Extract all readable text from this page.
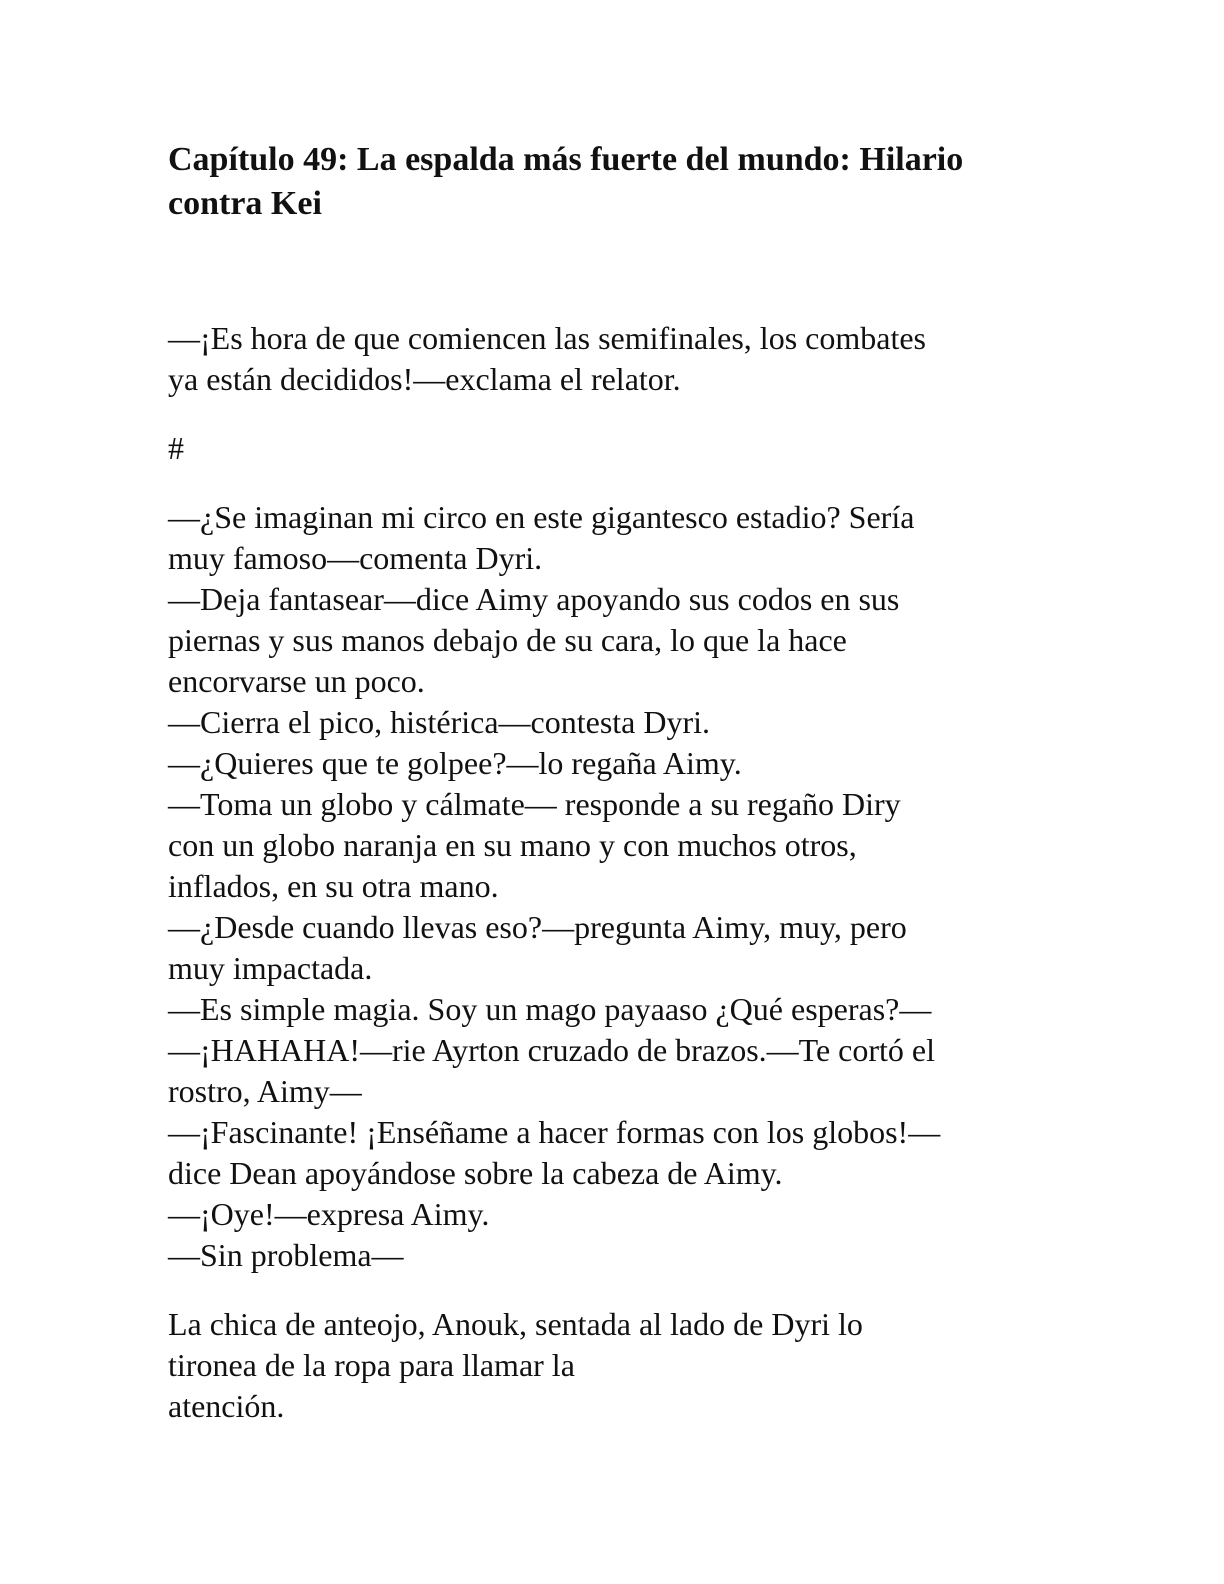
Capítulo 49: La espalda más fuerte del mundo: Hilario
contra Kei
—¡Es hora de que comiencen las semifinales, los combates
ya están decididos!—exclama el relator.
#
—¿Se imaginan mi circo en este gigantesco estadio? Sería
muy famoso—comenta Dyri.
—Deja fantasear—dice Aimy apoyando sus codos en sus
piernas y sus manos debajo de su cara, lo que la hace
encorvarse un poco.
—Cierra el pico, histérica—contesta Dyri.
—¿Quieres que te golpee?—lo regaña Aimy.
—Toma un globo y cálmate— responde a su regaño Diry
con un globo naranja en su mano y con muchos otros,
inflados, en su otra mano.
—¿Desde cuando llevas eso?—pregunta Aimy, muy, pero
muy impactada.
—Es simple magia. Soy un mago payaaso ¿Qué esperas?—
—¡HAHAHA!—rie Ayrton cruzado de brazos.—Te cortó el
rostro, Aimy—
—¡Fascinante! ¡Enséñame a hacer formas con los globos!—
dice Dean apoyándose sobre la cabeza de Aimy.
—¡Oye!—expresa Aimy.
—Sin problema—
La chica de anteojo, Anouk, sentada al lado de Dyri lo
tironea de la ropa para llamar la
atención.
